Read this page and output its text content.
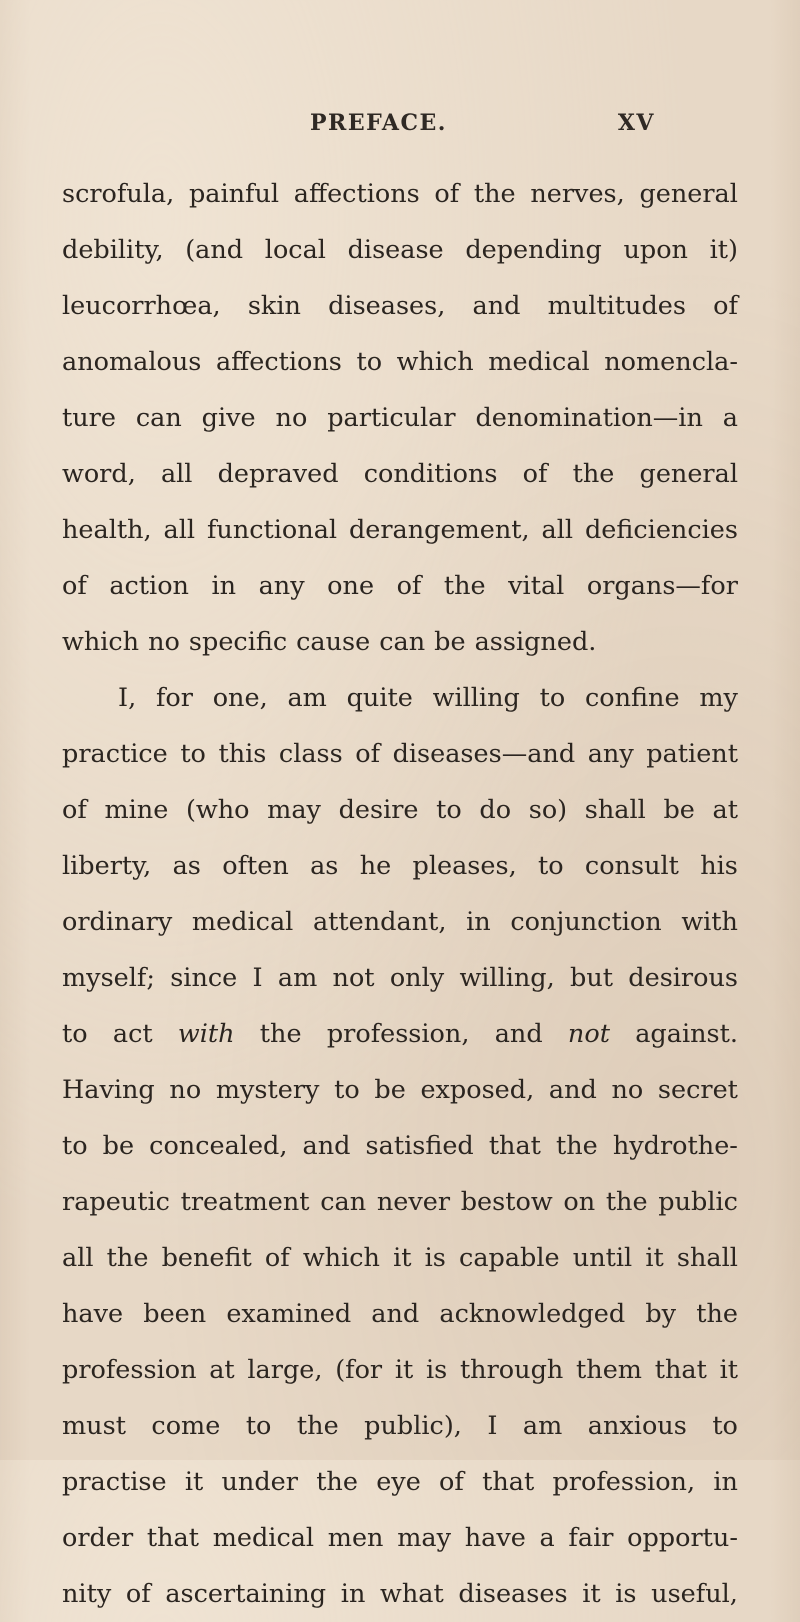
PREFACE.	XV
scrofula, painful affections of the nerves, general
debility, (and local disease depending upon it)
leucorrhœa, skin diseases, and multitudes of
anomalous affections to which medical nomencla-
ture can give no particular denomination—in a
word, all depraved conditions of the general
health, all functional derangement, all deficiencies
of action in any one of the vital organs—for
which no specific cause can be assigned.
I, for one, am quite willing to confine my
practice to this class of diseases—and any patient
of mine (who may desire to do so) shall be at
liberty, as often as he pleases, to consult his
ordinary medical attendant, in conjunction with
myself; since I am not only willing, but desirous
to act with the profession, and not against.
Having no mystery to be exposed, and no secret
to be concealed, and satisfied that the hydrothe-
rapeutic treatment can never bestow on the public
all the benefit of which it is capable until it shall
have been examined and acknowledged by the
profession at large, (for it is through them that it
must come to the public), I am anxious to
practise it under the eye of that profession, in
order that medical men may have a fair opportu-
nity of ascertaining in what diseases it is useful,
